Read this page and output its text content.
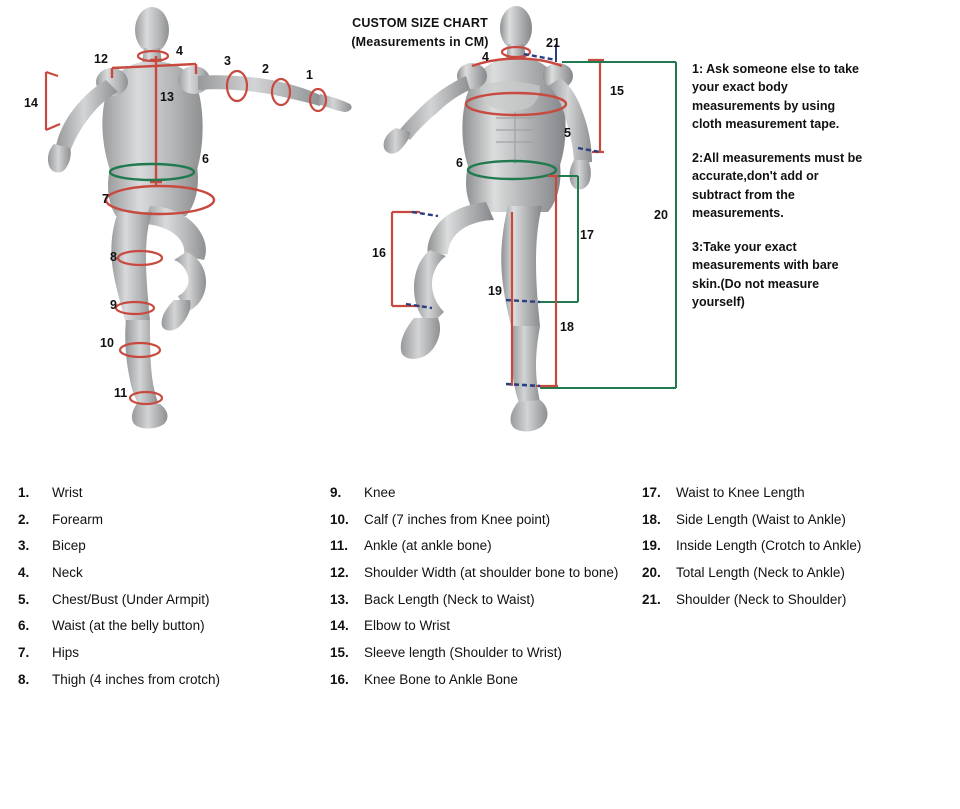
CUSTOM SIZE CHART
(Measurements in CM)
12
4
3
2	1
14	13
6
7
8
9
10
11
21
4
15
5
6
20
17
16
19
18

1: Ask someone else to take your exact body measurements by using cloth measurement tape.

2:All measurements must be accurate,don't add or subtract from the measurements.

3:Take your exact measurements with bare skin.(Do not measure yourself)

1.	Wrist
2.	Forearm
3.	Bicep
4.	Neck
5.	Chest/Bust (Under Armpit)
6.	Waist (at the belly button)
7.	Hips
8.	Thigh (4 inches from crotch)
9.	Knee
10.	Calf (7 inches from Knee point)
11.	Ankle (at ankle bone)
12.	Shoulder Width (at shoulder bone to bone)
13.	Back Length (Neck to Waist)
14.	Elbow to Wrist
15.	Sleeve length (Shoulder to Wrist)
16.	Knee Bone to Ankle Bone
17.	Waist to Knee Length
18.	Side Length (Waist to Ankle)
19.	Inside Length (Crotch to Ankle)
20.	Total Length (Neck to Ankle)
21.	Shoulder (Neck to Shoulder)
